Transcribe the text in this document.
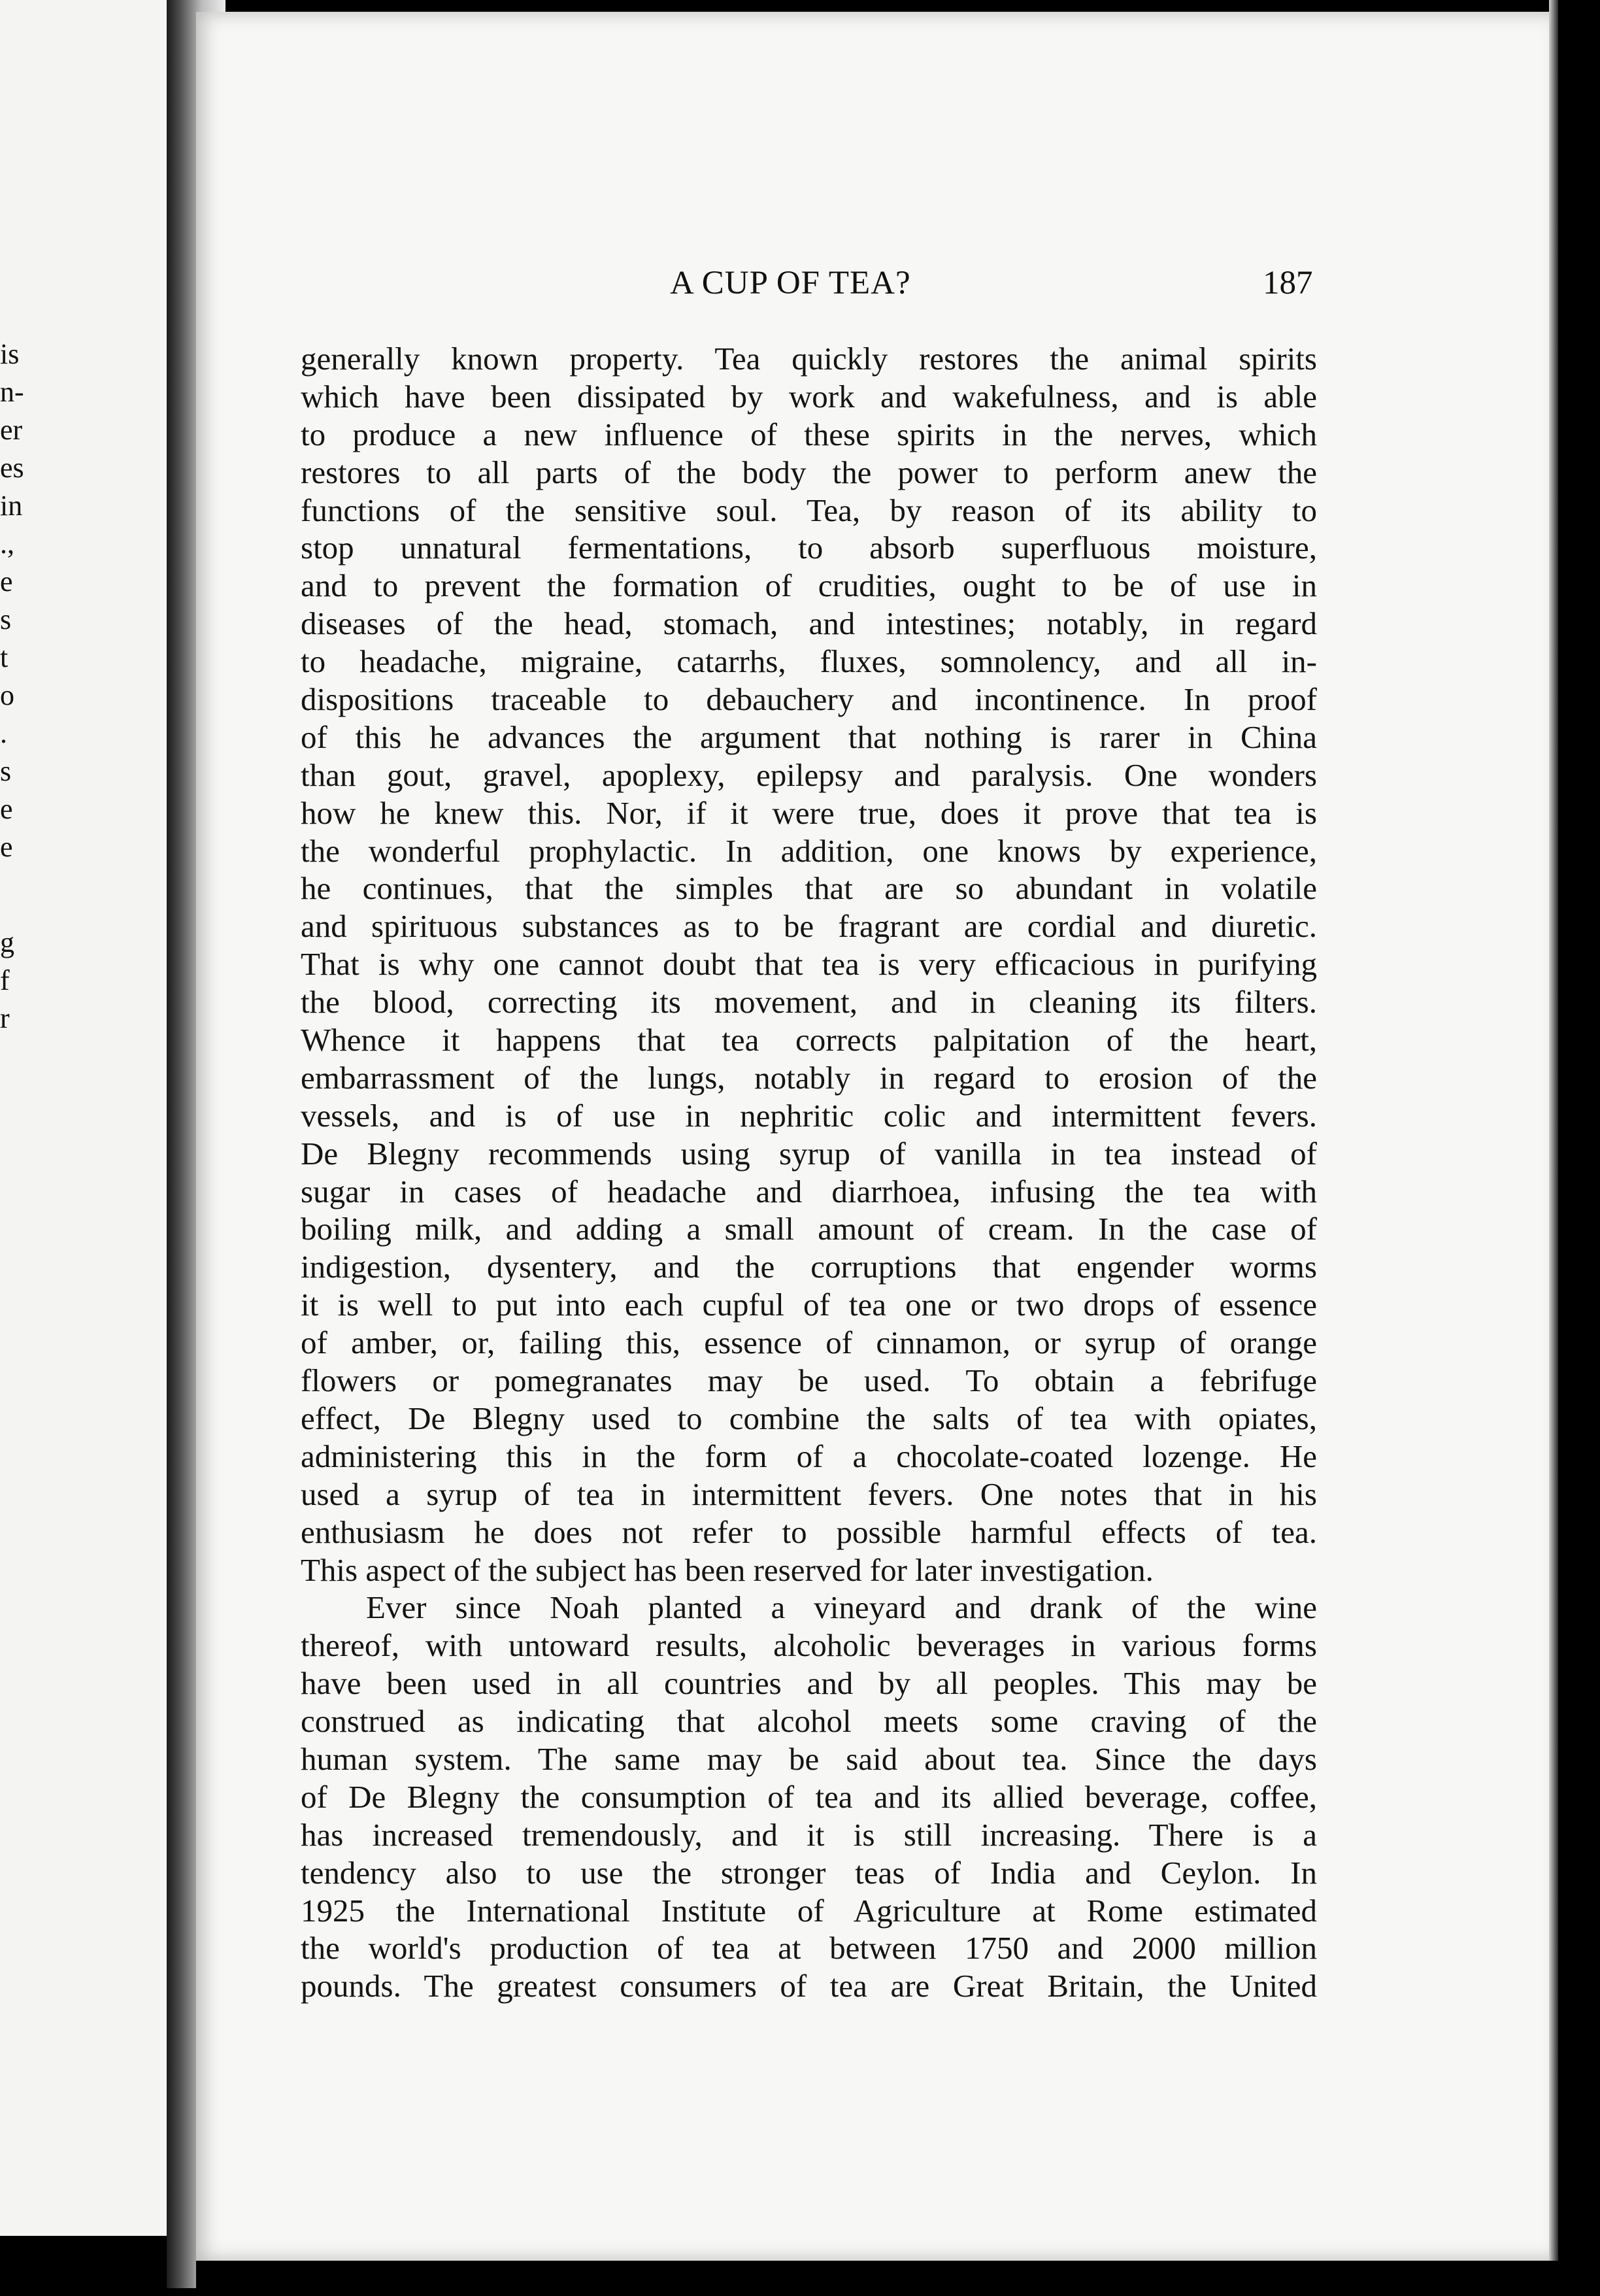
is
n-
er
es
in
.,
e
s
t
o
.
s
e
e
g
f
r
A CUP OF TEA?	187
generally known property. Tea quickly restores the animal spirits
which have been dissipated by work and wakefulness, and is able
to produce a new influence of these spirits in the nerves, which
restores to all parts of the body the power to perform anew the
functions of the sensitive soul. Tea, by reason of its ability to
stop unnatural fermentations, to absorb superfluous moisture,
and to prevent the formation of crudities, ought to be of use in
diseases of the head, stomach, and intestines; notably, in regard
to headache, migraine, catarrhs, fluxes, somnolency, and all in-
dispositions traceable to debauchery and incontinence. In proof
of this he advances the argument that nothing is rarer in China
than gout, gravel, apoplexy, epilepsy and paralysis. One wonders
how he knew this. Nor, if it were true, does it prove that tea is
the wonderful prophylactic. In addition, one knows by experience,
he continues, that the simples that are so abundant in volatile
and spirituous substances as to be fragrant are cordial and diuretic.
That is why one cannot doubt that tea is very efficacious in purifying
the blood, correcting its movement, and in cleaning its filters.
Whence it happens that tea corrects palpitation of the heart,
embarrassment of the lungs, notably in regard to erosion of the
vessels, and is of use in nephritic colic and intermittent fevers.
De Blegny recommends using syrup of vanilla in tea instead of
sugar in cases of headache and diarrhoea, infusing the tea with
boiling milk, and adding a small amount of cream. In the case of
indigestion, dysentery, and the corruptions that engender worms
it is well to put into each cupful of tea one or two drops of essence
of amber, or, failing this, essence of cinnamon, or syrup of orange
flowers or pomegranates may be used. To obtain a febrifuge
effect, De Blegny used to combine the salts of tea with opiates,
administering this in the form of a chocolate-coated lozenge. He
used a syrup of tea in intermittent fevers. One notes that in his
enthusiasm he does not refer to possible harmful effects of tea.
This aspect of the subject has been reserved for later investigation.
Ever since Noah planted a vineyard and drank of the wine
thereof, with untoward results, alcoholic beverages in various forms
have been used in all countries and by all peoples. This may be
construed as indicating that alcohol meets some craving of the
human system. The same may be said about tea. Since the days
of De Blegny the consumption of tea and its allied beverage, coffee,
has increased tremendously, and it is still increasing. There is a
tendency also to use the stronger teas of India and Ceylon. In
1925 the International Institute of Agriculture at Rome estimated
the world's production of tea at between 1750 and 2000 million
pounds. The greatest consumers of tea are Great Britain, the United
